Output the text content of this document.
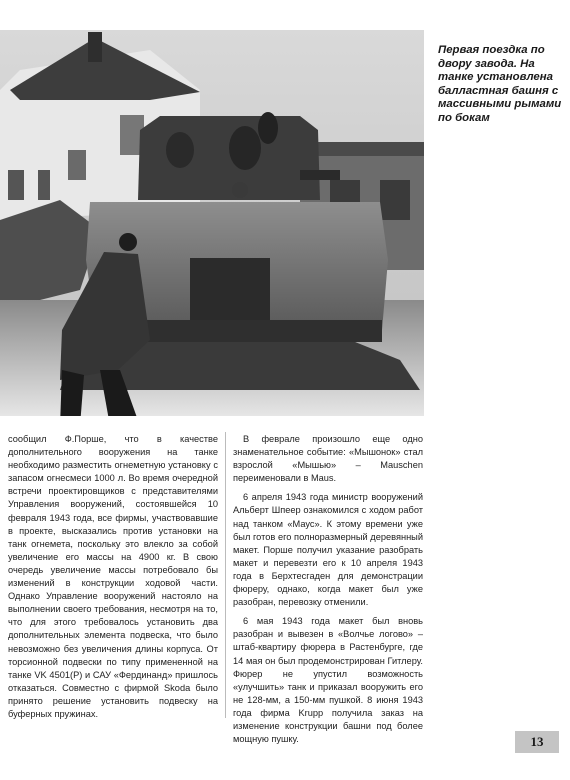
Первая поездка по двору завода. На танке установлена балластная башня с массивными рымами по бокам

сообщил Ф.Порше, что в качестве дополнительного вооружения на танке необходимо разместить огнеметную установку с запасом огнесмеси 1000 л. Во время очередной встречи проектировщиков с представителями Управления вооружений, состоявшейся 10 февраля 1943 года, все фирмы, участвовавшие в проекте, высказались против установки на танк огнемета, поскольку это влекло за собой увеличение его массы на 4900 кг. В свою очередь увеличение массы потребовало бы изменений в конструкции ходовой части. Однако Управление вооружений настояло на выполнении своего требования, несмотря на то, что для этого требовалось установить два дополнительных элемента подвеска, что было невозможно без увеличения длины корпуса. От торсионной подвески по типу примененной на танке VK 4501(P) и САУ «Фердинанд» пришлось отказаться. Совместно с фирмой Skoda было принято решение установить подвеску на буферных пружинах.

В феврале произошло еще одно знаменательное событие: «Мышонок» стал взрослой «Мышью» – Mauschen переименовали в Maus.

6 апреля 1943 года министр вооружений Альберт Шпеер ознакомился с ходом работ над танком «Маус». К этому времени уже был готов его полноразмерный деревянный макет. Порше получил указание разобрать макет и перевезти его к 10 апреля 1943 года в Берхтесгаден для демонстрации фюреру, однако, когда макет был уже разобран, перевозку отменили.

6 мая 1943 года макет был вновь разобран и вывезен в «Волчье логово» – штаб-квартиру фюрера в Растенбурге, где 14 мая он был продемонстрирован Гитлеру. Фюрер не упустил возможность «улучшить» танк и приказал вооружить его не 128-мм, а 150-мм пушкой. 8 июня 1943 года фирма Krupp получила заказ на изменение конструкции башни под более мощную пушку.	13
